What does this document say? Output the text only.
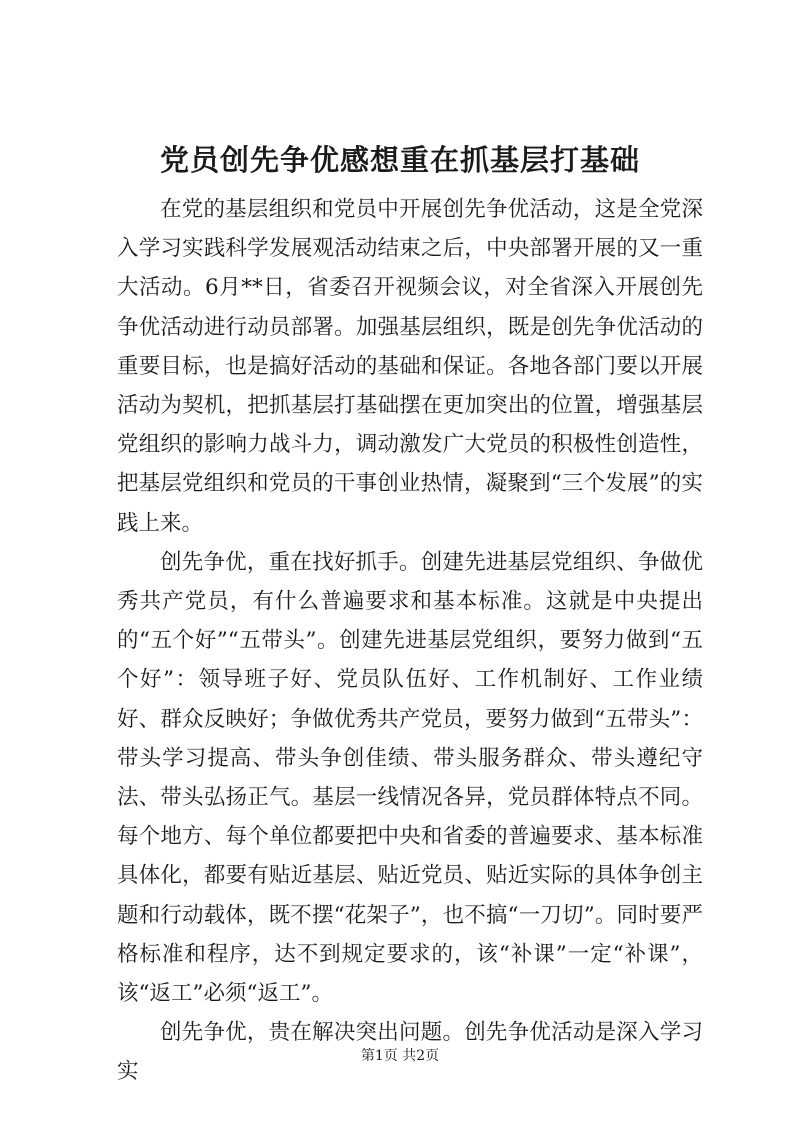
党员创先争优感想重在抓基层打基础

在党的基层组织和党员中开展创先争优活动，这是全党深入学习实践科学发展观活动结束之后，中央部署开展的又一重大活动。6月**日，省委召开视频会议，对全省深入开展创先争优活动进行动员部署。加强基层组织，既是创先争优活动的重要目标，也是搞好活动的基础和保证。各地各部门要以开展活动为契机，把抓基层打基础摆在更加突出的位置，增强基层党组织的影响力战斗力，调动激发广大党员的积极性创造性，把基层党组织和党员的干事创业热情，凝聚到“三个发展”的实践上来。

创先争优，重在找好抓手。创建先进基层党组织、争做优秀共产党员，有什么普遍要求和基本标准。这就是中央提出的“五个好”“五带头”。创建先进基层党组织，要努力做到“五个好”：领导班子好、党员队伍好、工作机制好、工作业绩好、群众反映好；争做优秀共产党员，要努力做到“五带头”：带头学习提高、带头争创佳绩、带头服务群众、带头遵纪守法、带头弘扬正气。基层一线情况各异，党员群体特点不同。每个地方、每个单位都要把中央和省委的普遍要求、基本标准具体化，都要有贴近基层、贴近党员、贴近实际的具体争创主题和行动载体，既不摆“花架子”，也不搞“一刀切”。同时要严格标准和程序，达不到规定要求的，该“补课”一定“补课”，该“返工”必须“返工”。

创先争优，贵在解决突出问题。创先争优活动是深入学习实

第1页 共2页
